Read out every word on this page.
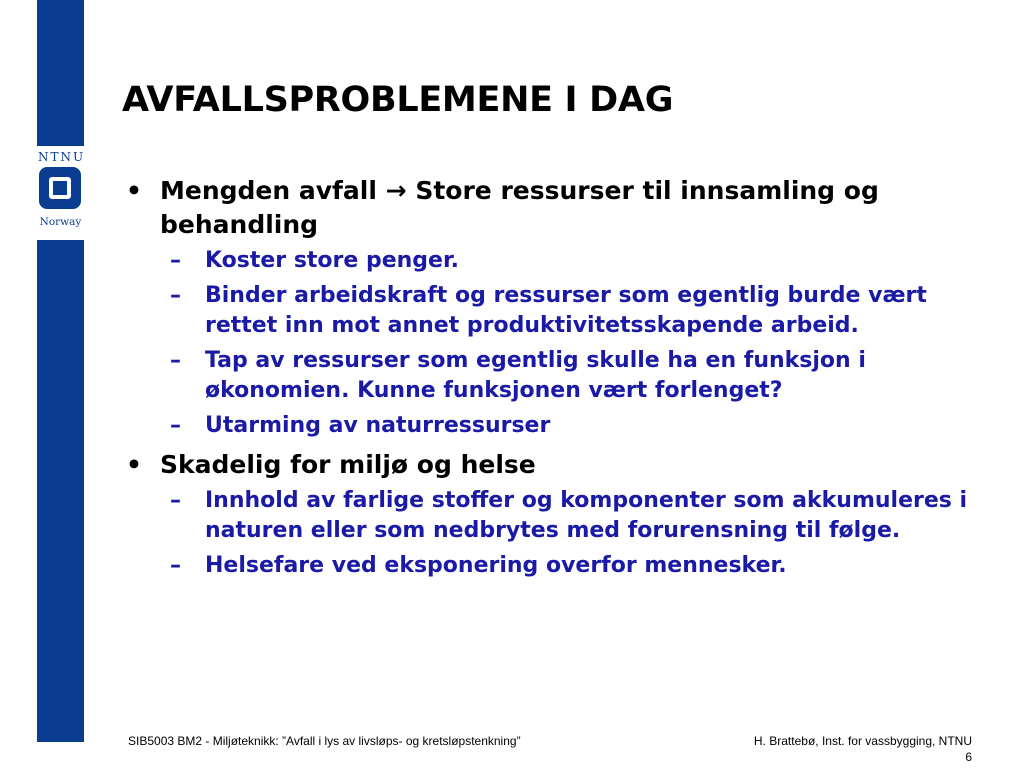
NTNU
Norway
AVFALLSPROBLEMENE I DAG
• Mengden avfall → Store ressurser til innsamling og behandling
– Koster store penger.
– Binder arbeidskraft og ressurser som egentlig burde vært rettet inn mot annet produktivitetsskapende arbeid.
– Tap av ressurser som egentlig skulle ha en funksjon i økonomien. Kunne funksjonen vært forlenget?
– Utarming av naturressurser
• Skadelig for miljø og helse
– Innhold av farlige stoffer og komponenter som akkumuleres i naturen eller som nedbrytes med forurensning til følge.
– Helsefare ved eksponering overfor mennesker.
SIB5003 BM2 - Miljøteknikk: ”Avfall i lys av livsløps- og kretsløpstenkning”	H. Brattebø, Inst. for vassbygging, NTNU
6
